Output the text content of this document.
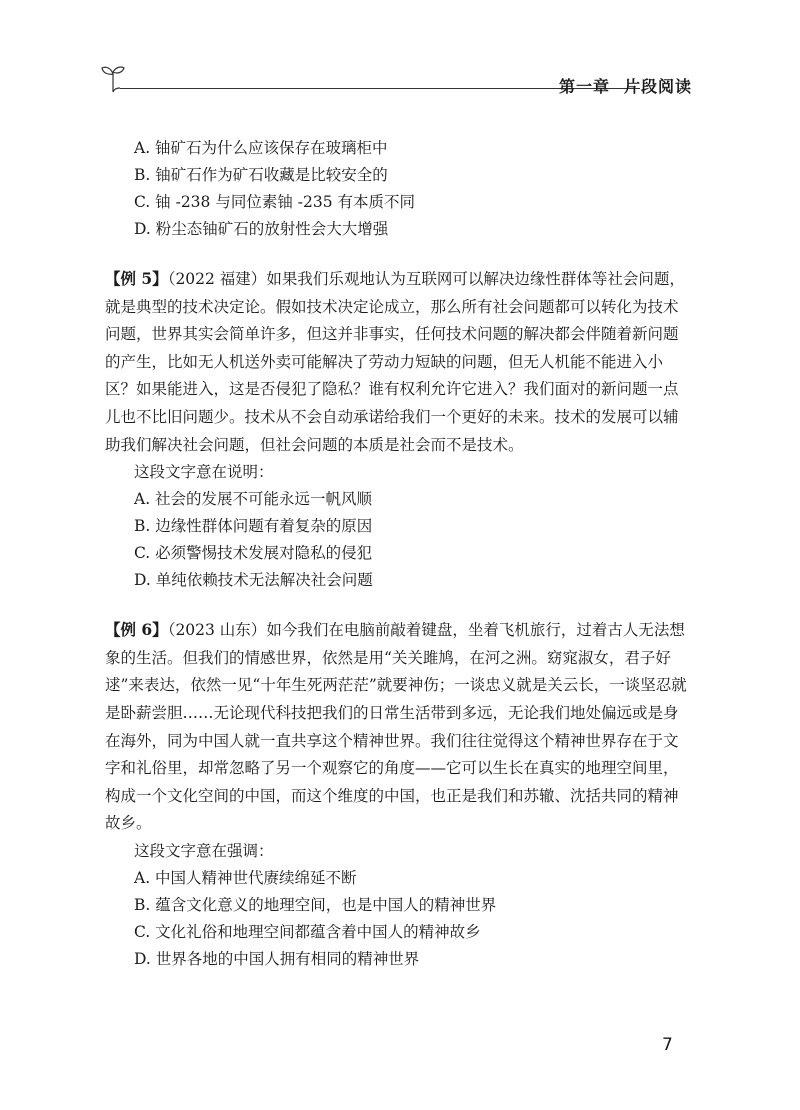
第一章 片段阅读
A. 铀矿石为什么应该保存在玻璃柜中
B. 铀矿石作为矿石收藏是比较安全的
C. 铀 -238 与同位素铀 -235 有本质不同
D. 粉尘态铀矿石的放射性会大大增强

【例 5】（2022 福建）如果我们乐观地认为互联网可以解决边缘性群体等社会问题，就是典型的技术决定论。假如技术决定论成立，那么所有社会问题都可以转化为技术问题，世界其实会简单许多，但这并非事实，任何技术问题的解决都会伴随着新问题的产生，比如无人机送外卖可能解决了劳动力短缺的问题，但无人机能不能进入小区？如果能进入，这是否侵犯了隐私？谁有权利允许它进入？我们面对的新问题一点儿也不比旧问题少。技术从不会自动承诺给我们一个更好的未来。技术的发展可以辅助我们解决社会问题，但社会问题的本质是社会而不是技术。

这段文字意在说明：
A. 社会的发展不可能永远一帆风顺
B. 边缘性群体问题有着复杂的原因
C. 必须警惕技术发展对隐私的侵犯
D. 单纯依赖技术无法解决社会问题

【例 6】（2023 山东）如今我们在电脑前敲着键盘，坐着飞机旅行，过着古人无法想象的生活。但我们的情感世界，依然是用“关关雎鸠，在河之洲。窈窕淑女，君子好逑”来表达，依然一见“十年生死两茫茫”就要神伤；一谈忠义就是关云长，一谈坚忍就是卧薪尝胆……无论现代科技把我们的日常生活带到多远，无论我们地处偏远或是身在海外，同为中国人就一直共享这个精神世界。我们往往觉得这个精神世界存在于文字和礼俗里，却常忽略了另一个观察它的角度——它可以生长在真实的地理空间里，构成一个文化空间的中国，而这个维度的中国，也正是我们和苏辙、沈括共同的精神故乡。

这段文字意在强调：
A. 中国人精神世代赓续绵延不断
B. 蕴含文化意义的地理空间，也是中国人的精神世界
C. 文化礼俗和地理空间都蕴含着中国人的精神故乡
D. 世界各地的中国人拥有相同的精神世界
7
